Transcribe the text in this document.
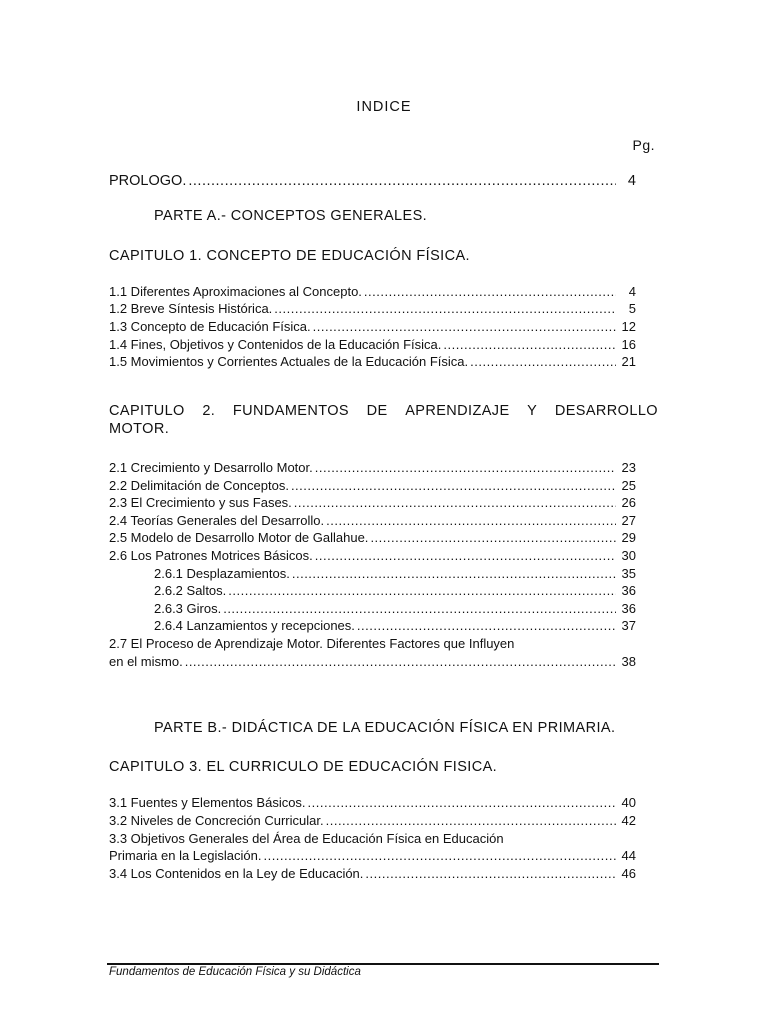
INDICE
Pg.
PROLOGO. .....	4
PARTE A.- CONCEPTOS GENERALES.
CAPITULO 1. CONCEPTO DE EDUCACIÓN FÍSICA.
1.1 Diferentes Aproximaciones al Concepto. .....	4
1.2 Breve Síntesis Histórica. .....	5
1.3 Concepto de Educación Física. .....	12
1.4 Fines, Objetivos y Contenidos de la Educación Física. .....	16
1.5 Movimientos y Corrientes Actuales de la Educación Física. .....	21
CAPITULO 2. FUNDAMENTOS DE APRENDIZAJE Y DESARROLLO
MOTOR.
2.1 Crecimiento y Desarrollo Motor. .....	23
2.2 Delimitación de Conceptos. .....	25
2.3 El Crecimiento y sus Fases. .....	26
2.4 Teorías Generales del Desarrollo. .....	27
2.5 Modelo de Desarrollo Motor de Gallahue. .....	29
2.6 Los Patrones Motrices Básicos. .....	30
2.6.1 Desplazamientos. .....	35
2.6.2 Saltos. .....	36
2.6.3 Giros. .....	36
2.6.4 Lanzamientos y recepciones. .....	37
2.7 El Proceso de Aprendizaje Motor. Diferentes Factores que Influyen
en el mismo. .....	38
PARTE B.- DIDÁCTICA DE LA EDUCACIÓN FÍSICA EN PRIMARIA.
CAPITULO 3. EL CURRICULO DE EDUCACIÓN FISICA.
3.1 Fuentes y Elementos Básicos. .....	40
3.2 Niveles de Concreción Curricular. .....	42
3.3 Objetivos Generales del Área de Educación Física en Educación
Primaria en la Legislación. .....	44
3.4 Los Contenidos en la Ley de Educación. .....	46
Fundamentos de Educación Física y su Didáctica
